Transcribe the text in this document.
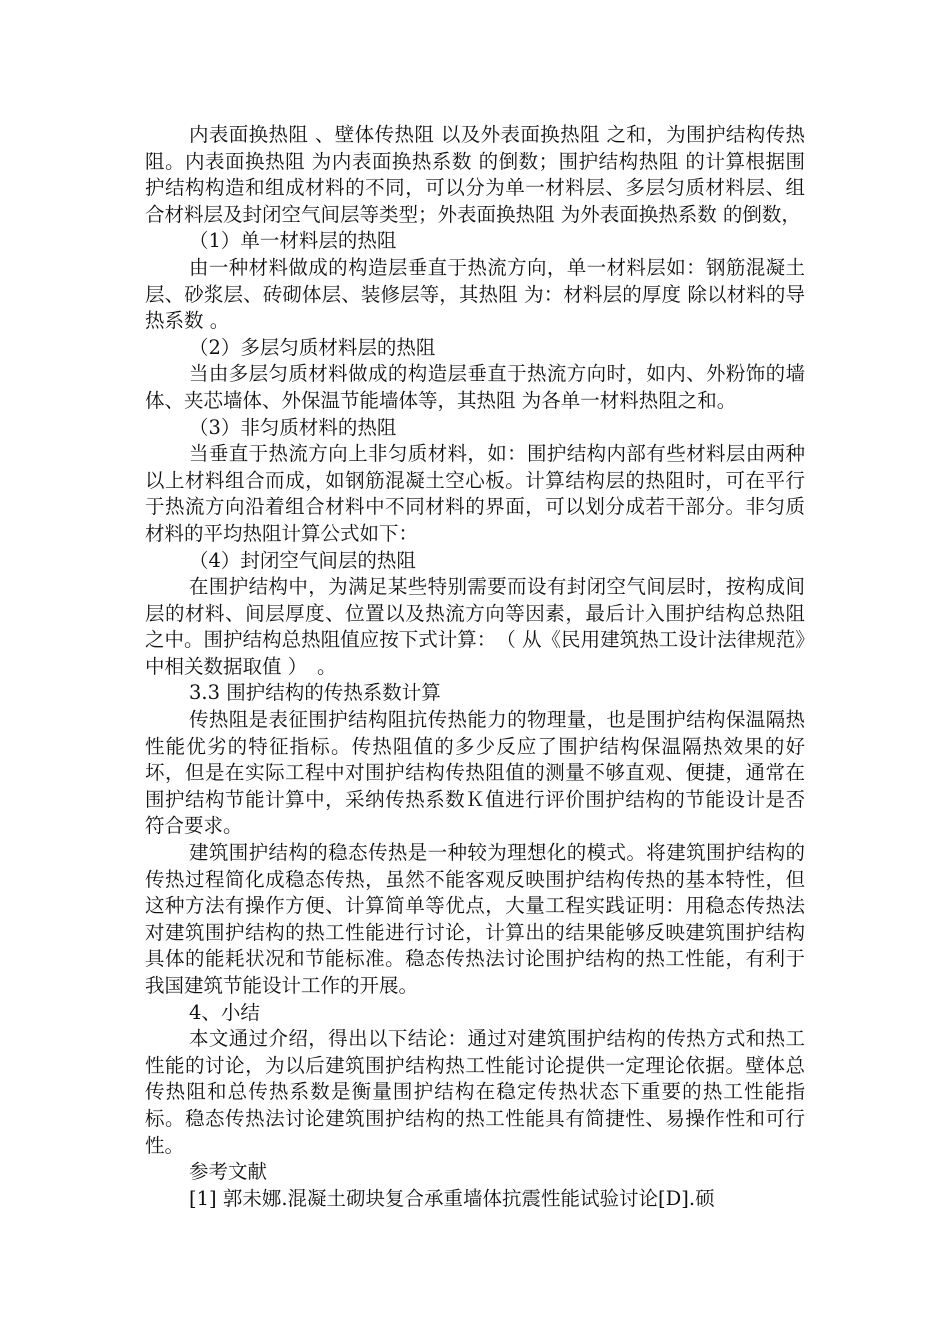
内表面换热阻 、壁体传热阻 以及外表面换热阻 之和，为围护结构传热阻。内表面换热阻 为内表面换热系数 的倒数；围护结构热阻 的计算根据围护结构构造和组成材料的不同，可以分为单一材料层、多层匀质材料层、组合材料层及封闭空气间层等类型；外表面换热阻 为外表面换热系数 的倒数，

（1）单一材料层的热阻

由一种材料做成的构造层垂直于热流方向，单一材料层如：钢筋混凝土层、砂浆层、砖砌体层、装修层等，其热阻 为：材料层的厚度 除以材料的导热系数 。

（2）多层匀质材料层的热阻

当由多层匀质材料做成的构造层垂直于热流方向时，如内、外粉饰的墙体、夹芯墙体、外保温节能墙体等，其热阻 为各单一材料热阻之和。

（3）非匀质材料的热阻

当垂直于热流方向上非匀质材料，如：围护结构内部有些材料层由两种以上材料组合而成，如钢筋混凝土空心板。计算结构层的热阻时，可在平行于热流方向沿着组合材料中不同材料的界面，可以划分成若干部分。非匀质材料的平均热阻计算公式如下：

（4）封闭空气间层的热阻

在围护结构中，为满足某些特别需要而设有封闭空气间层时，按构成间层的材料、间层厚度、位置以及热流方向等因素，最后计入围护结构总热阻之中。围护结构总热阻值应按下式计算：　（ 从《民用建筑热工设计法律规范》中相关数据取值 ）　。

3.3 围护结构的传热系数计算

传热阻是表征围护结构阻抗传热能力的物理量，也是围护结构保温隔热性能优劣的特征指标。传热阻值的多少反应了围护结构保温隔热效果的好坏，但是在实际工程中对围护结构传热阻值的测量不够直观、便捷，通常在围护结构节能计算中，采纳传热系数Ｋ值进行评价围护结构的节能设计是否符合要求。

建筑围护结构的稳态传热是一种较为理想化的模式。将建筑围护结构的传热过程简化成稳态传热，虽然不能客观反映围护结构传热的基本特性，但这种方法有操作方便、计算简单等优点，大量工程实践证明：用稳态传热法对建筑围护结构的热工性能进行讨论，计算出的结果能够反映建筑围护结构具体的能耗状况和节能标准。稳态传热法讨论围护结构的热工性能，有利于我国建筑节能设计工作的开展。

4、小结

本文通过介绍，得出以下结论：通过对建筑围护结构的传热方式和热工性能的讨论，为以后建筑围护结构热工性能讨论提供一定理论依据。壁体总传热阻和总传热系数是衡量围护结构在稳定传热状态下重要的热工性能指标。稳态传热法讨论建筑围护结构的热工性能具有简捷性、易操作性和可行性。

参考文献

[1] 郭未娜.混凝土砌块复合承重墙体抗震性能试验讨论[D].硕
